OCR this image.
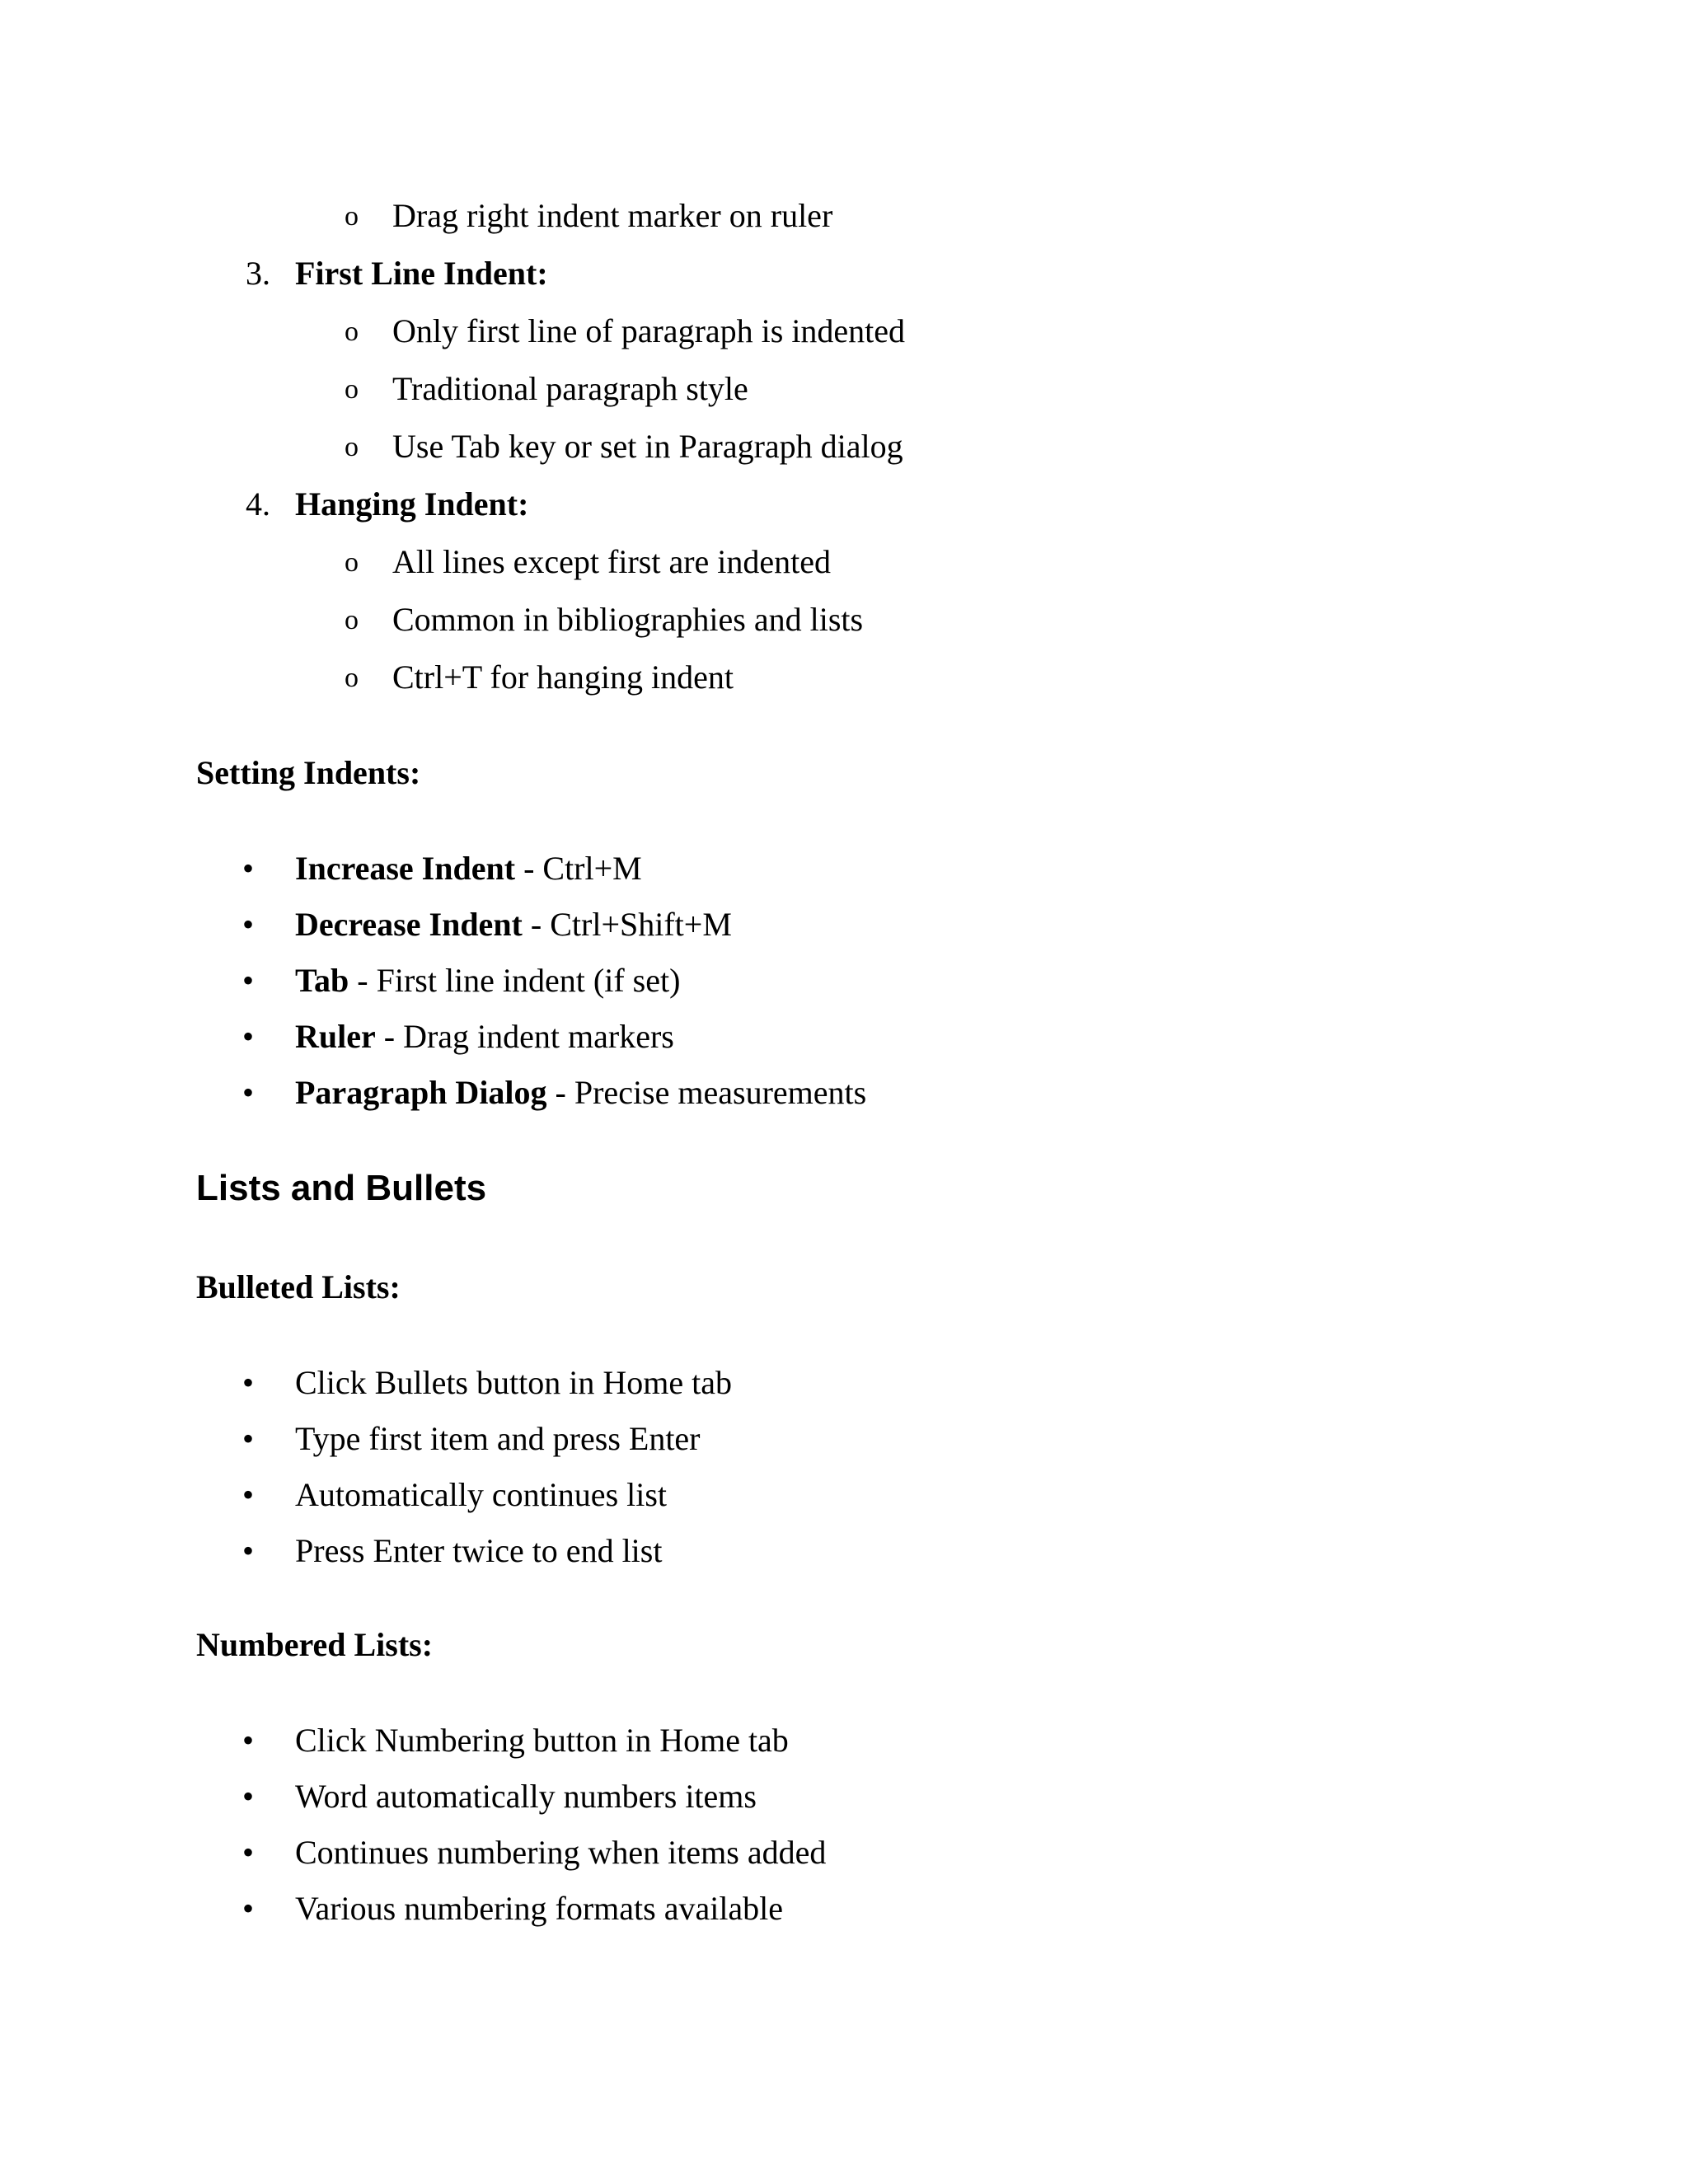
o Drag right indent marker on ruler
3. First Line Indent:
o Only first line of paragraph is indented
o Traditional paragraph style
o Use Tab key or set in Paragraph dialog
4. Hanging Indent:
o All lines except first are indented
o Common in bibliographies and lists
o Ctrl+T for hanging indent
Setting Indents:
• Increase Indent - Ctrl+M
• Decrease Indent - Ctrl+Shift+M
• Tab - First line indent (if set)
• Ruler - Drag indent markers
• Paragraph Dialog - Precise measurements
Lists and Bullets
Bulleted Lists:
• Click Bullets button in Home tab
• Type first item and press Enter
• Automatically continues list
• Press Enter twice to end list
Numbered Lists:
• Click Numbering button in Home tab
• Word automatically numbers items
• Continues numbering when items added
• Various numbering formats available
